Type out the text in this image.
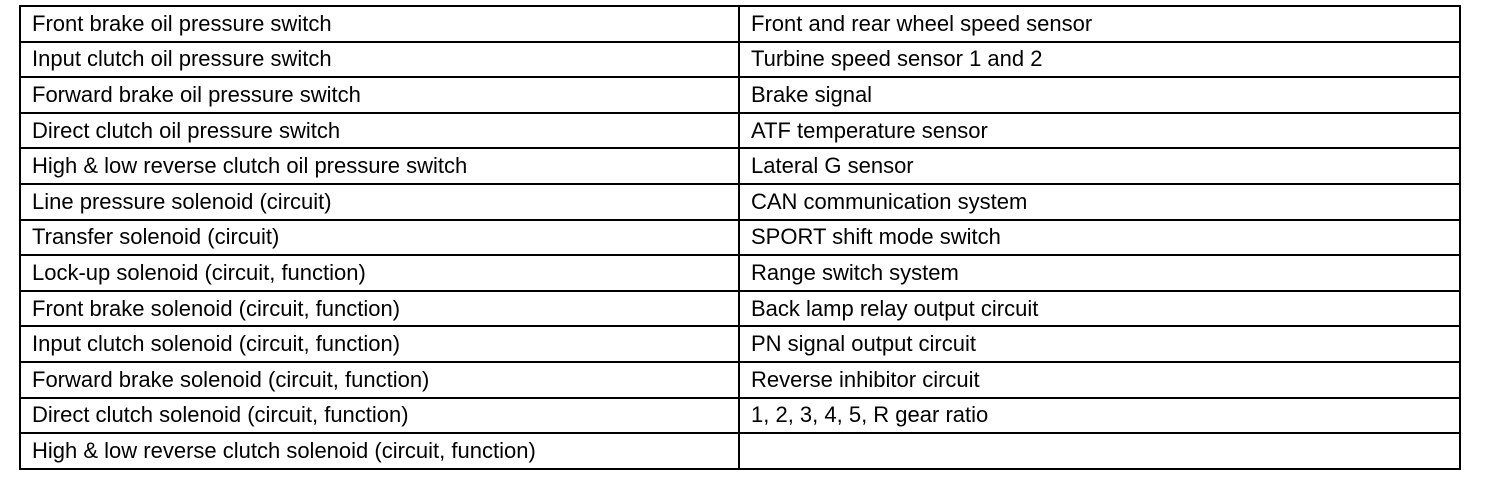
Front brake oil pressure switch	Front and rear wheel speed sensor
Input clutch oil pressure switch	Turbine speed sensor 1 and 2
Forward brake oil pressure switch	Brake signal
Direct clutch oil pressure switch	ATF temperature sensor
High & low reverse clutch oil pressure switch	Lateral G sensor
Line pressure solenoid (circuit)	CAN communication system
Transfer solenoid (circuit)	SPORT shift mode switch
Lock-up solenoid (circuit, function)	Range switch system
Front brake solenoid (circuit, function)	Back lamp relay output circuit
Input clutch solenoid (circuit, function)	PN signal output circuit
Forward brake solenoid (circuit, function)	Reverse inhibitor circuit
Direct clutch solenoid (circuit, function)	1, 2, 3, 4, 5, R gear ratio
High & low reverse clutch solenoid (circuit, function)	
